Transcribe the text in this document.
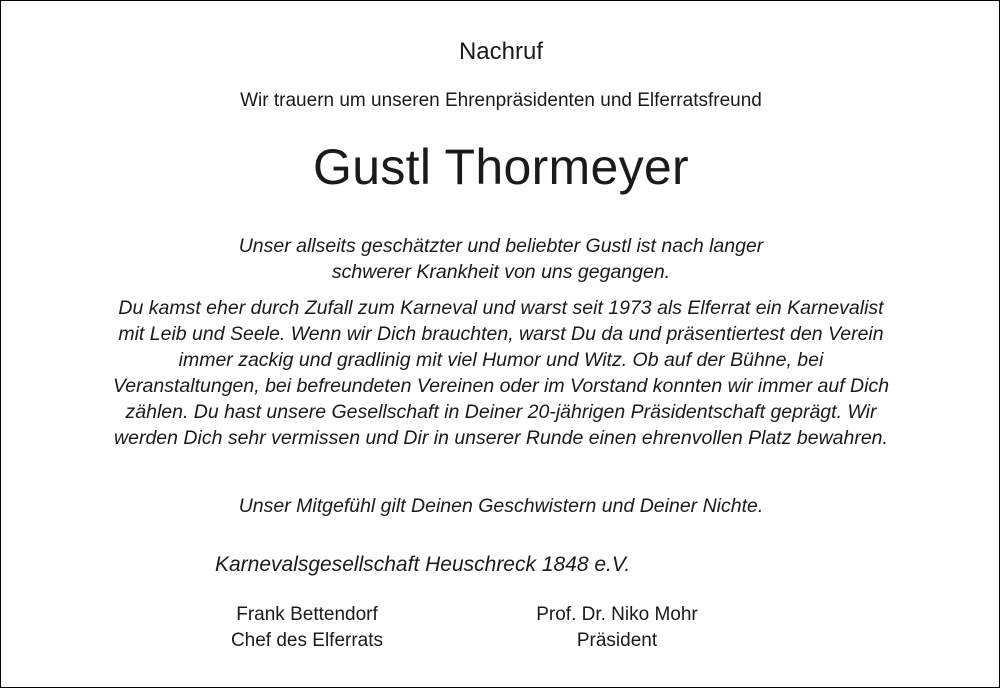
Nachruf
Wir trauern um unseren Ehrenpräsidenten und Elferratsfreund
Gustl Thormeyer
Unser allseits geschätzter und beliebter Gustl ist nach langer
schwerer Krankheit von uns gegangen.
Du kamst eher durch Zufall zum Karneval und warst seit 1973 als Elferrat ein Karnevalist
mit Leib und Seele. Wenn wir Dich brauchten, warst Du da und präsentiertest den Verein
immer zackig und gradlinig mit viel Humor und Witz. Ob auf der Bühne, bei
Veranstaltungen, bei befreundeten Vereinen oder im Vorstand konnten wir immer auf Dich
zählen. Du hast unsere Gesellschaft in Deiner 20-jährigen Präsidentschaft geprägt. Wir
werden Dich sehr vermissen und Dir in unserer Runde einen ehrenvollen Platz bewahren.
Unser Mitgefühl gilt Deinen Geschwistern und Deiner Nichte.
Karnevalsgesellschaft Heuschreck 1848 e.V.
Frank Bettendorf
Chef des Elferrats
Prof. Dr. Niko Mohr
Präsident
